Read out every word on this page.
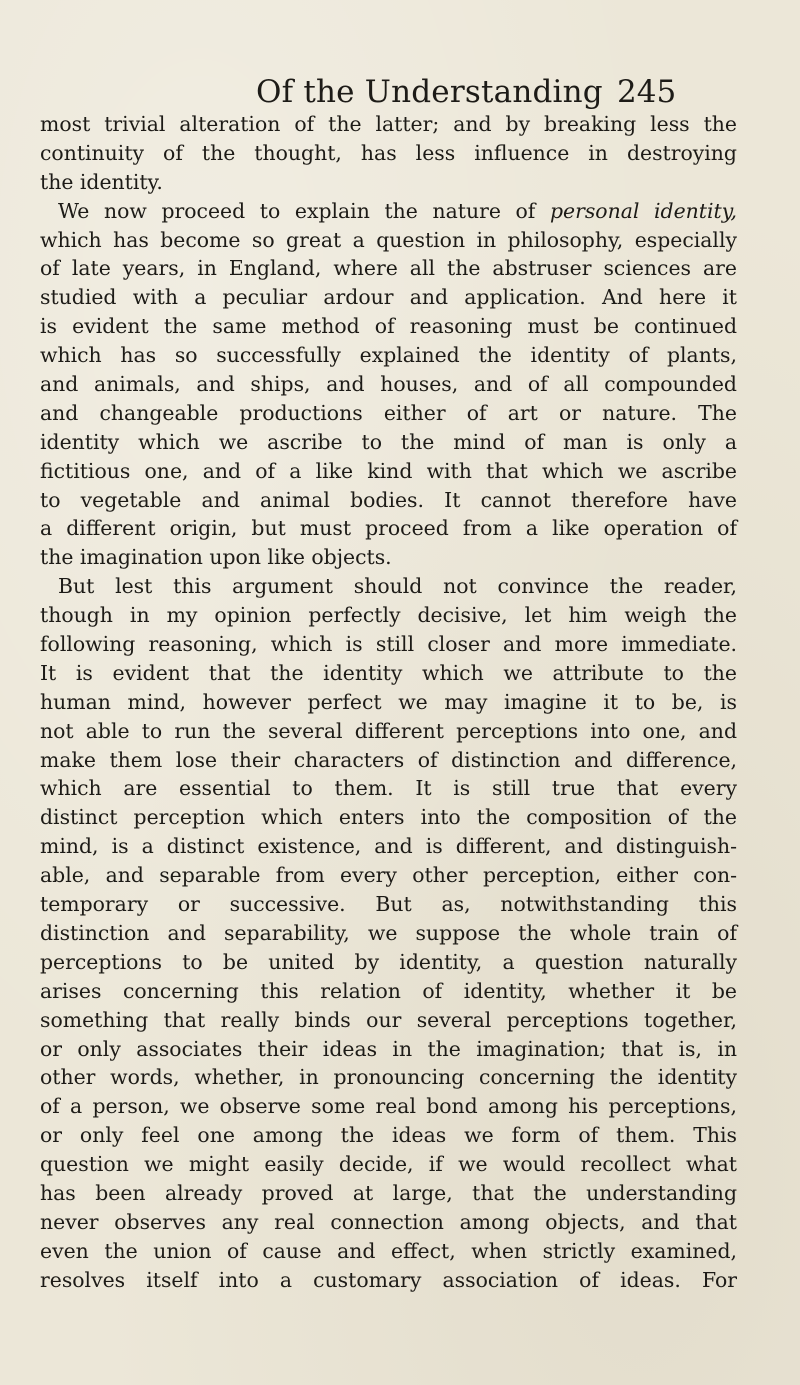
Of the Understanding 245
most trivial alteration of the latter; and by breaking less the
continuity of the thought, has less influence in destroying
the identity.
We now proceed to explain the nature of personal identity,
which has become so great a question in philosophy, especially
of late years, in England, where all the abstruser sciences are
studied with a peculiar ardour and application. And here it
is evident the same method of reasoning must be continued
which has so successfully explained the identity of plants,
and animals, and ships, and houses, and of all compounded
and changeable productions either of art or nature. The
identity which we ascribe to the mind of man is only a
fictitious one, and of a like kind with that which we ascribe
to vegetable and animal bodies. It cannot therefore have
a different origin, but must proceed from a like operation of
the imagination upon like objects.
But lest this argument should not convince the reader,
though in my opinion perfectly decisive, let him weigh the
following reasoning, which is still closer and more immediate.
It is evident that the identity which we attribute to the
human mind, however perfect we may imagine it to be, is
not able to run the several different perceptions into one, and
make them lose their characters of distinction and difference,
which are essential to them. It is still true that every
distinct perception which enters into the composition of the
mind, is a distinct existence, and is different, and distinguish-
able, and separable from every other perception, either con-
temporary or successive. But as, notwithstanding this
distinction and separability, we suppose the whole train of
perceptions to be united by identity, a question naturally
arises concerning this relation of identity, whether it be
something that really binds our several perceptions together,
or only associates their ideas in the imagination; that is, in
other words, whether, in pronouncing concerning the identity
of a person, we observe some real bond among his perceptions,
or only feel one among the ideas we form of them. This
question we might easily decide, if we would recollect what
has been already proved at large, that the understanding
never observes any real connection among objects, and that
even the union of cause and effect, when strictly examined,
resolves itself into a customary association of ideas. For
